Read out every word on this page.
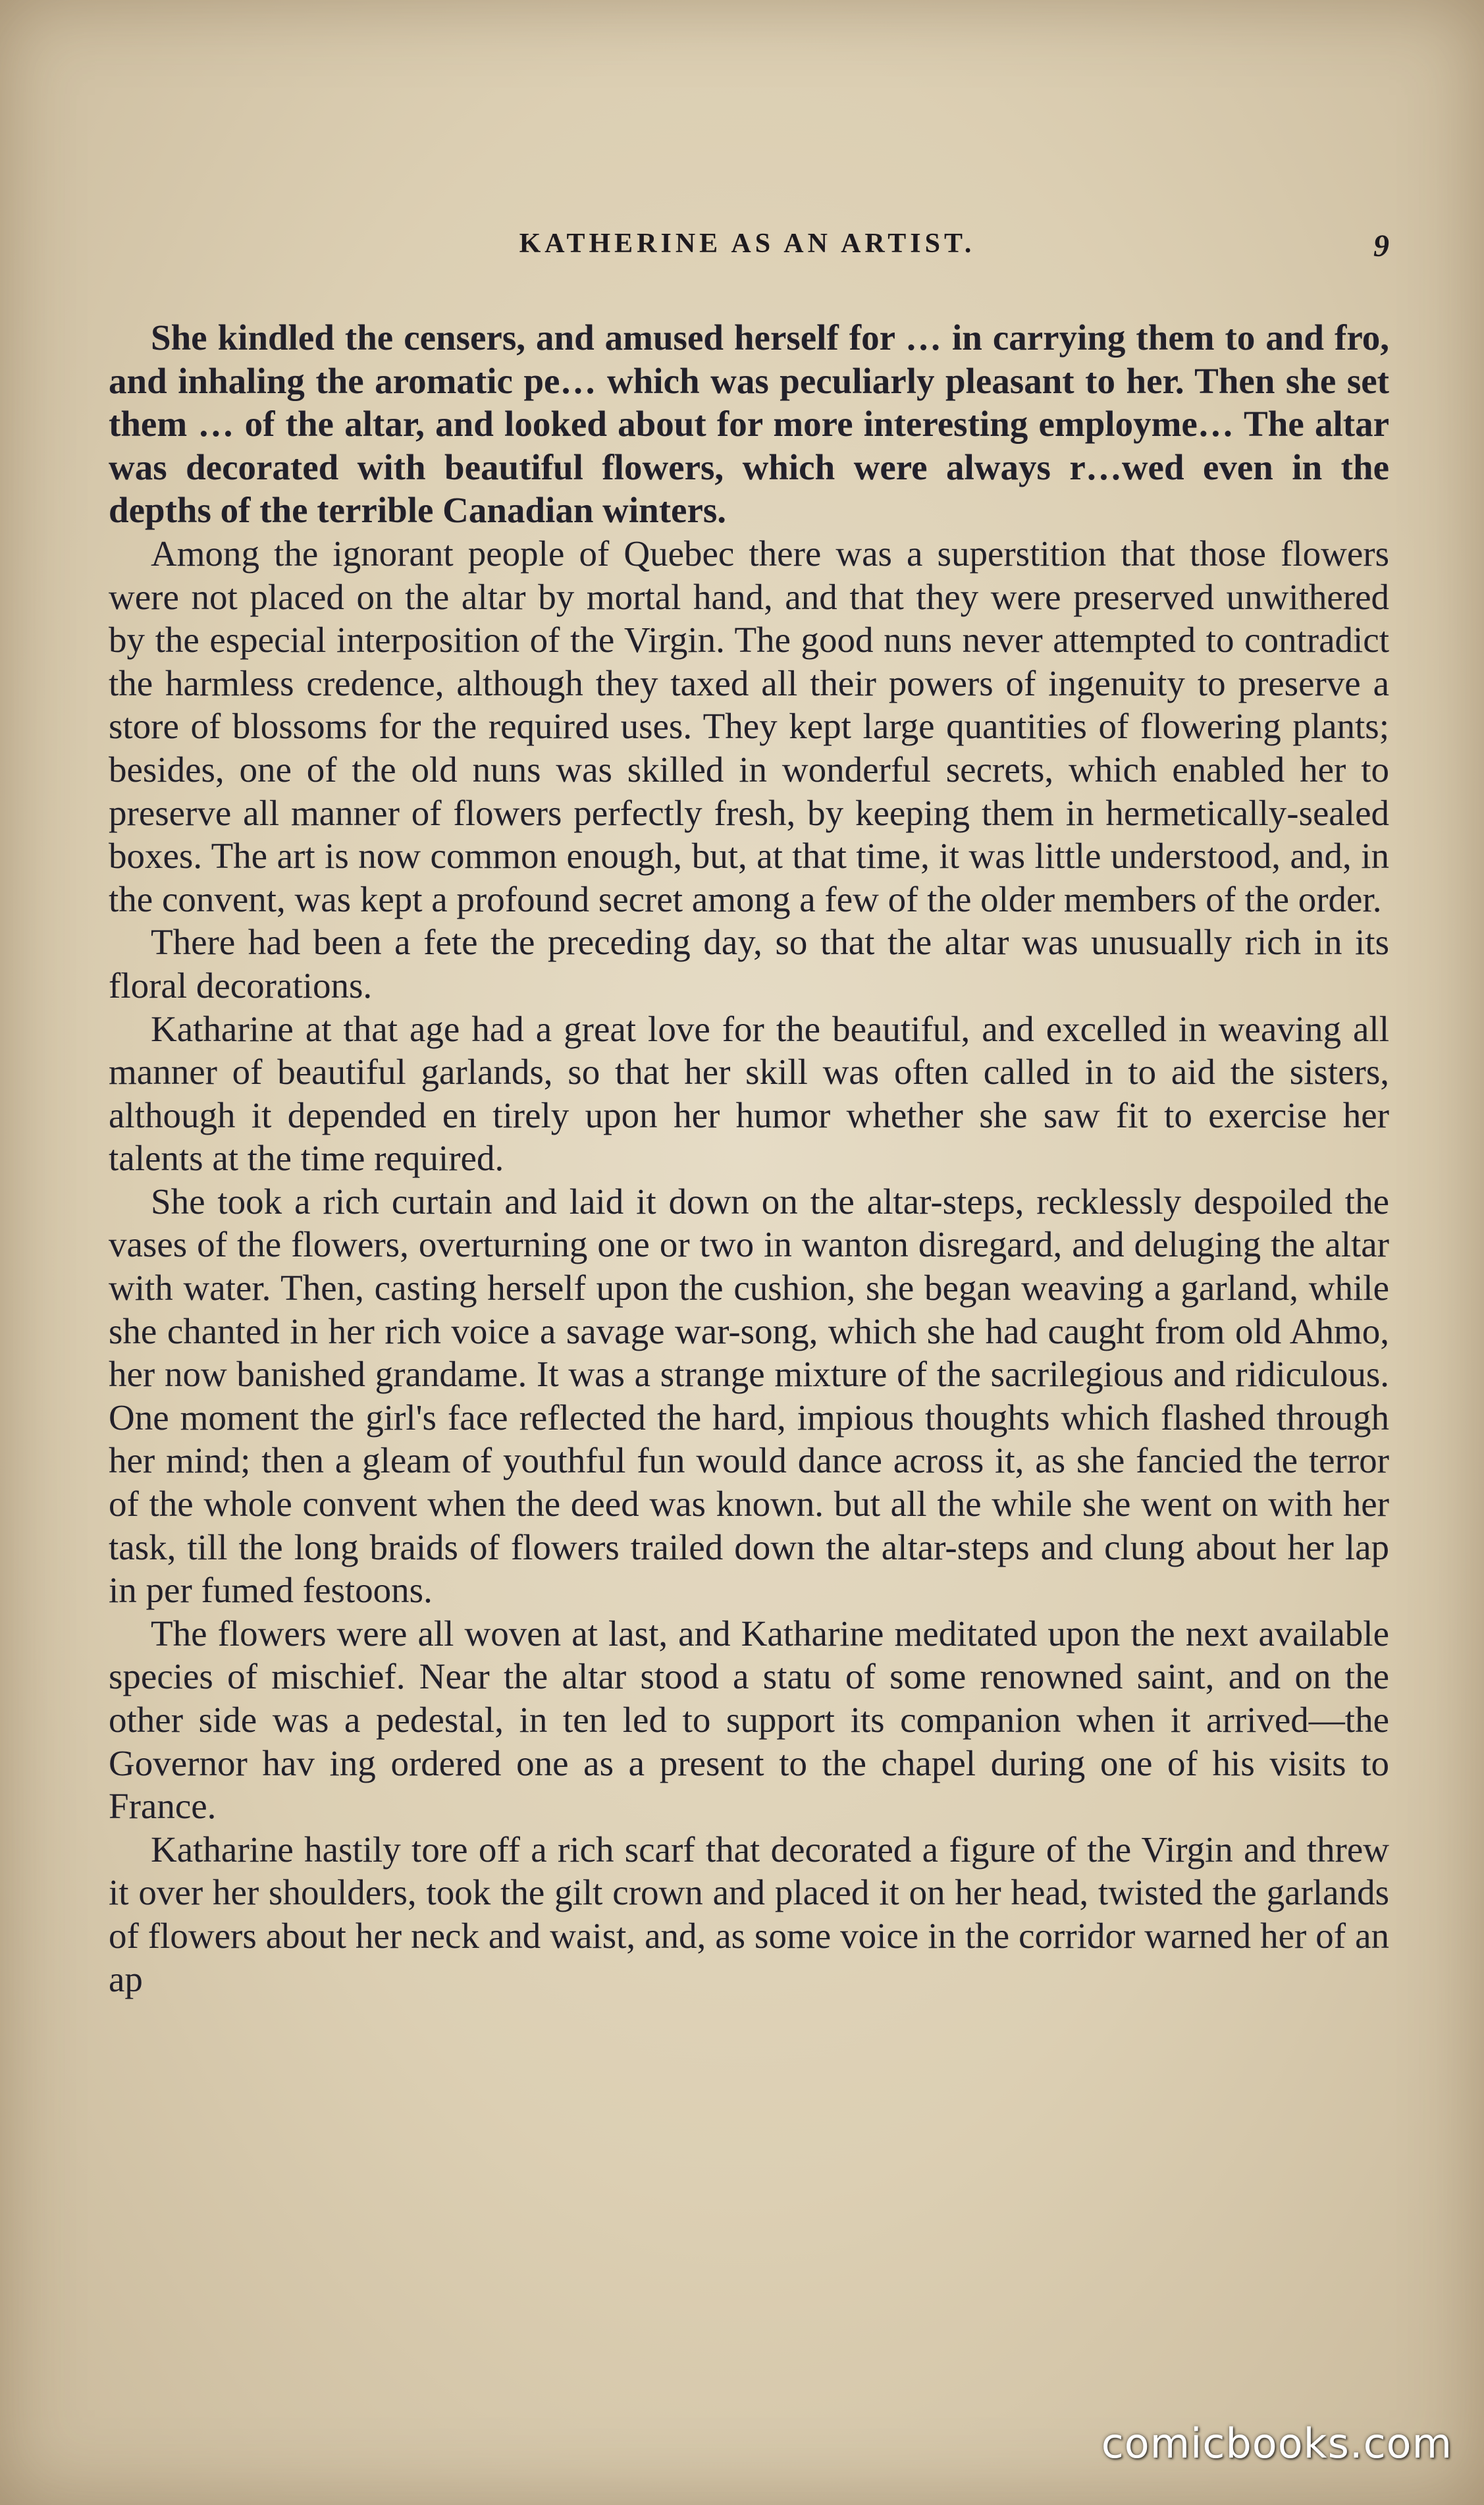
KATHERINE AS AN ARTIST.	9

She kindled the censers, and amused herself for … in carrying them to and fro, and inhaling the aromatic pe… which was peculiarly pleasant to her. Then she set them … of the altar, and looked about for more interesting employme… The altar was decorated with beautiful flowers, which were always r…wed even in the depths of the terrible Canadian winters.

Among the ignorant people of Quebec there was a superstition that those flowers were not placed on the altar by mortal hand, and that they were preserved unwithered by the especial interposition of the Virgin. The good nuns never attempted to contradict the harmless credence, although they taxed all their powers of ingenuity to preserve a store of blossoms for the required uses. They kept large quantities of flowering plants; besides, one of the old nuns was skilled in wonderful secrets, which enabled her to preserve all manner of flowers perfectly fresh, by keeping them in hermetically-sealed boxes. The art is now common enough, but, at that time, it was little understood, and, in the convent, was kept a profound secret among a few of the older members of the order.

There had been a fete the preceding day, so that the altar was unusually rich in its floral decorations.

Katharine at that age had a great love for the beautiful, and excelled in weaving all manner of beautiful garlands, so that her skill was often called in to aid the sisters, although it depended en tirely upon her humor whether she saw fit to exercise her talents at the time required.

She took a rich curtain and laid it down on the altar-steps, recklessly despoiled the vases of the flowers, overturning one or two in wanton disregard, and deluging the altar with water. Then, casting herself upon the cushion, she began weaving a garland, while she chanted in her rich voice a savage war-song, which she had caught from old Ahmo, her now banished grandame. It was a strange mixture of the sacrilegious and ridiculous. One moment the girl's face reflected the hard, impious thoughts which flashed through her mind; then a gleam of youthful fun would dance across it, as she fancied the terror of the whole convent when the deed was known. but all the while she went on with her task, till the long braids of flowers trailed down the altar-steps and clung about her lap in per fumed festoons.

The flowers were all woven at last, and Katharine meditated upon the next available species of mischief. Near the altar stood a statu of some renowned saint, and on the other side was a pedestal, in ten led to support its companion when it arrived—the Governor hav ing ordered one as a present to the chapel during one of his visits to France.

Katharine hastily tore off a rich scarf that decorated a figure of the Virgin and threw it over her shoulders, took the gilt crown and placed it on her head, twisted the garlands of flowers about her neck and waist, and, as some voice in the corridor warned her of an ap

comicbooks.com
